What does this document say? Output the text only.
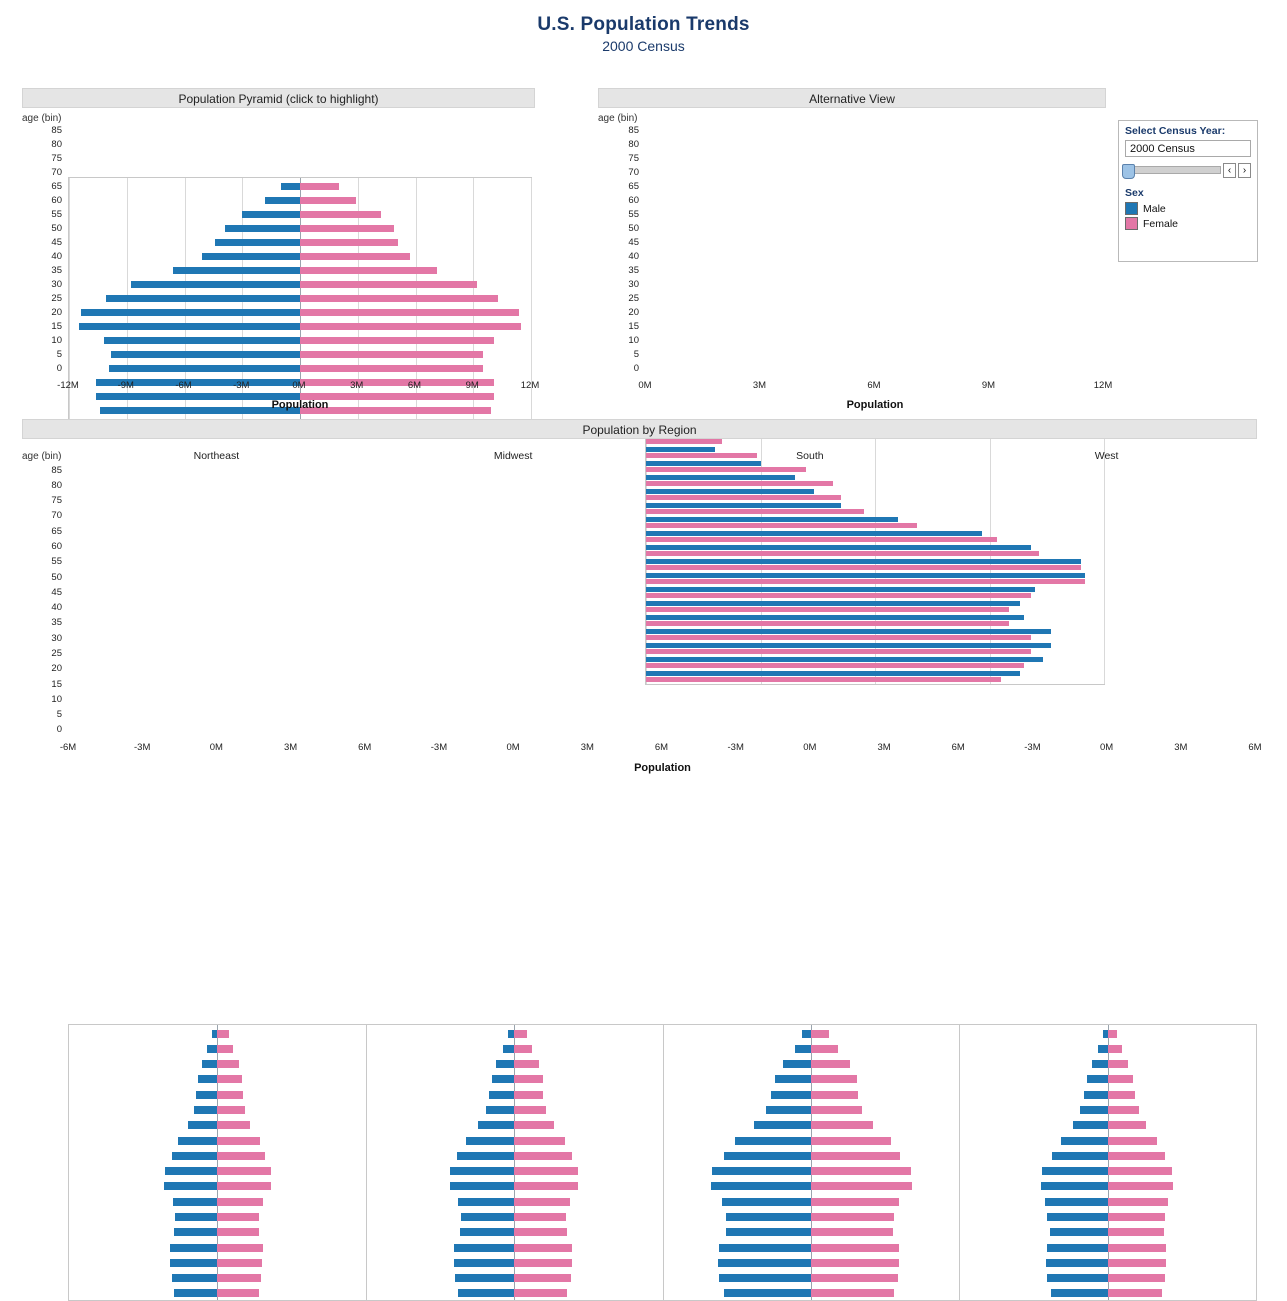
U.S. Population Trends
2000 Census
Population Pyramid (click to highlight)
age (bin)
0
5
10
15
20
25
30
35
40
45
50
55
60
65
70
75
80
85
-12M	-9M	-6M	-3M	0M	3M	6M	9M	12M
Population
Alternative View
age (bin)
0
5
10
15
20
25
30
35
40
45
50
55
60
65
70
75
80
85
0M	3M	6M	9M	12M
Population
Select Census Year:
2000 Census
‹	›
Sex
Male
Female
Population by Region
age (bin)
0
5
10
15
20
25
30
35
40
45
50
55
60
65
70
75
80
85
Northeast	Midwest	South	West
-6M	-3M	0M	3M	6M	-3M	0M	3M	6M	-3M	0M	3M	6M	-3M	0M	3M	6M
Population
